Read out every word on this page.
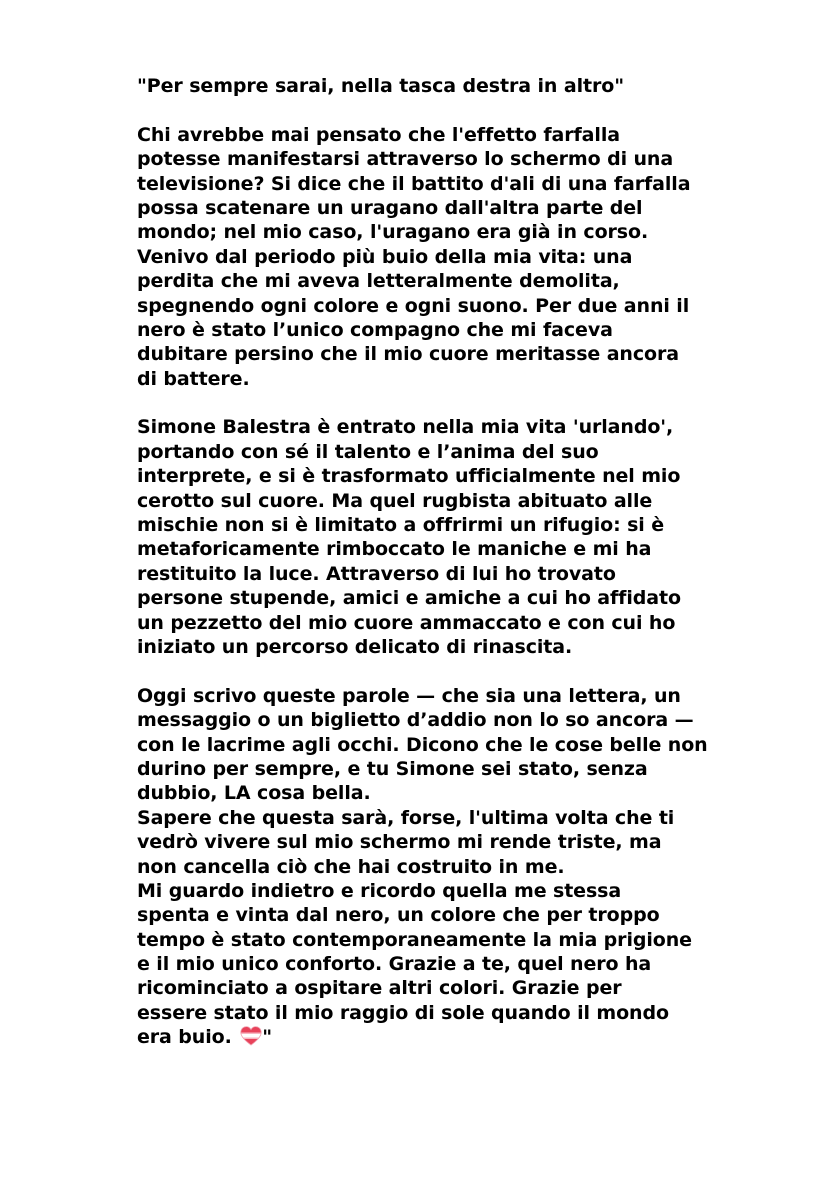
"Per sempre sarai, nella tasca destra in altro"
Chi avrebbe mai pensato che l'effetto farfalla
potesse manifestarsi attraverso lo schermo di una
televisione? Si dice che il battito d'ali di una farfalla
possa scatenare un uragano dall'altra parte del
mondo; nel mio caso, l'uragano era già in corso.
Venivo dal periodo più buio della mia vita: una
perdita che mi aveva letteralmente demolita,
spegnendo ogni colore e ogni suono. Per due anni il
nero è stato l’unico compagno che mi faceva
dubitare persino che il mio cuore meritasse ancora
di battere.
Simone Balestra è entrato nella mia vita 'urlando',
portando con sé il talento e l’anima del suo
interprete, e si è trasformato ufficialmente nel mio
cerotto sul cuore. Ma quel rugbista abituato alle
mischie non si è limitato a offrirmi un rifugio: si è
metaforicamente rimboccato le maniche e mi ha
restituito la luce. Attraverso di lui ho trovato
persone stupende, amici e amiche a cui ho affidato
un pezzetto del mio cuore ammaccato e con cui ho
iniziato un percorso delicato di rinascita.
Oggi scrivo queste parole — che sia una lettera, un
messaggio o un biglietto d’addio non lo so ancora —
con le lacrime agli occhi. Dicono che le cose belle non
durino per sempre, e tu Simone sei stato, senza
dubbio, LA cosa bella.
Sapere che questa sarà, forse, l'ultima volta che ti
vedrò vivere sul mio schermo mi rende triste, ma
non cancella ciò che hai costruito in me.
Mi guardo indietro e ricordo quella me stessa
spenta e vinta dal nero, un colore che per troppo
tempo è stato contemporaneamente la mia prigione
e il mio unico conforto. Grazie a te, quel nero ha
ricominciato a ospitare altri colori. Grazie per
essere stato il mio raggio di sole quando il mondo
era buio. "
